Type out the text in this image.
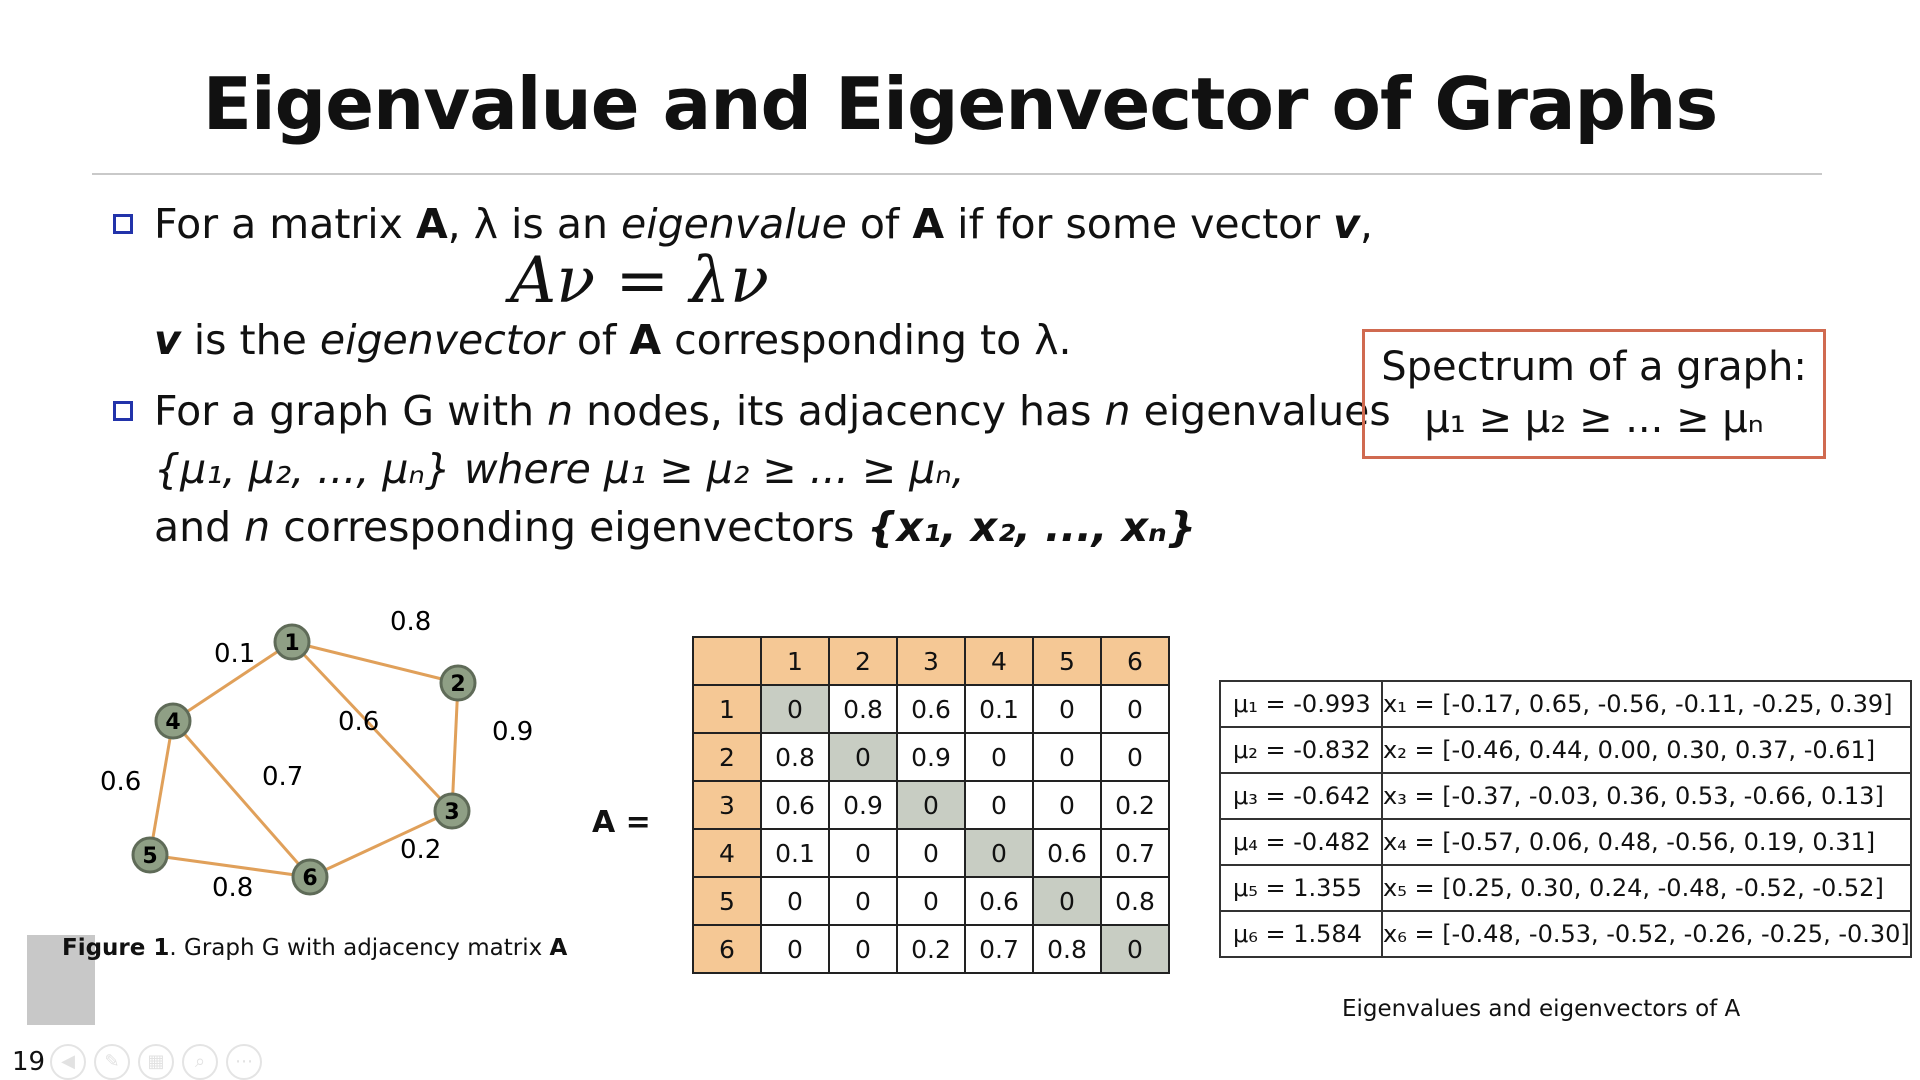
Eigenvalue and Eigenvector of Graphs
For a matrix A, λ is an eigenvalue of A if for some vector v,
Aν = λν
v is the eigenvector of A corresponding to λ.
For a graph G with n nodes, its adjacency has n eigenvalues
{μ₁, μ₂, ..., μₙ} where μ₁ ≥ μ₂ ≥ ... ≥ μₙ,
and n corresponding eigenvectors {x₁, x₂, ..., xₙ}
Spectrum of a graph:
μ₁ ≥ μ₂ ≥ ... ≥ μₙ
0.8
0.1
0.6	0.9
0.6	0.7
0.8
0.2
1
2
3
4
5
6
Figure 1. Graph G with adjacency matrix A
A =
	1	2	3	4	5	6
1	0	0.8	0.6	0.1	0	0
2	0.8	0	0.9	0	0	0
3	0.6	0.9	0	0	0	0.2
4	0.1	0	0	0	0.6	0.7
5	0	0	0	0.6	0	0.8
6	0	0	0.2	0.7	0.8	0
μ₁ = -0.993	x₁ = [-0.17, 0.65, -0.56, -0.11, -0.25, 0.39]
μ₂ = -0.832	x₂ = [-0.46, 0.44, 0.00, 0.30, 0.37, -0.61]
μ₃ = -0.642	x₃ = [-0.37, -0.03, 0.36, 0.53, -0.66, 0.13]
μ₄ = -0.482	x₄ = [-0.57, 0.06, 0.48, -0.56, 0.19, 0.31]
μ₅ = 1.355	x₅ = [0.25, 0.30, 0.24, -0.48, -0.52, -0.52]
μ₆ = 1.584	x₆ = [-0.48, -0.53, -0.52, -0.26, -0.25, -0.30]
Eigenvalues and eigenvectors of A
19 ◀	✎	▦	⌕	⋯
